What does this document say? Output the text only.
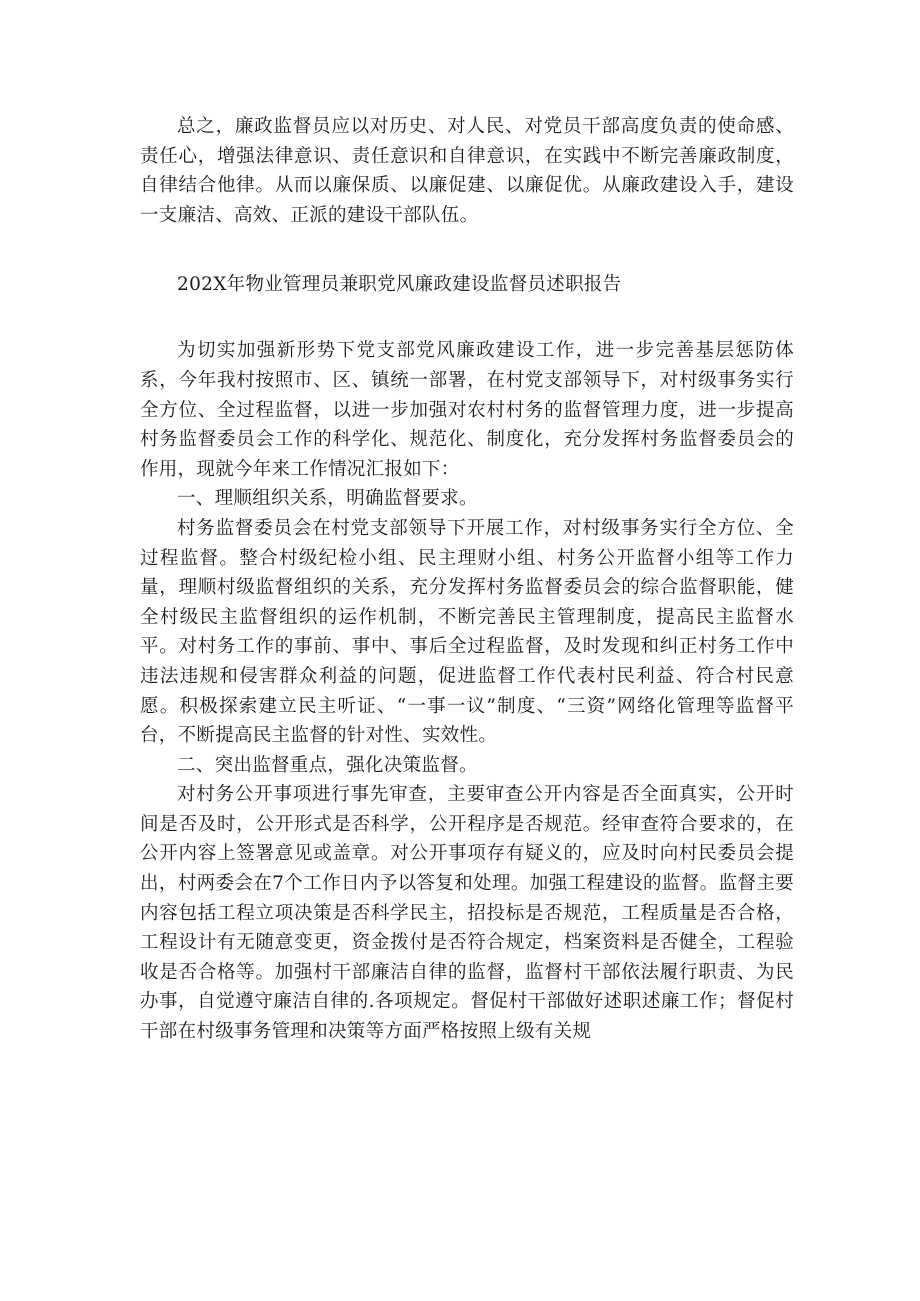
总之，廉政监督员应以对历史、对人民、对党员干部高度负责的使命感、责任心，增强法律意识、责任意识和自律意识，在实践中不断完善廉政制度，自律结合他律。从而以廉保质、以廉促建、以廉促优。从廉政建设入手，建设一支廉洁、高效、正派的建设干部队伍。

202X年物业管理员兼职党风廉政建设监督员述职报告

为切实加强新形势下党支部党风廉政建设工作，进一步完善基层惩防体系，今年我村按照市、区、镇统一部署，在村党支部领导下，对村级事务实行全方位、全过程监督，以进一步加强对农村村务的监督管理力度，进一步提高村务监督委员会工作的科学化、规范化、制度化，充分发挥村务监督委员会的作用，现就今年来工作情况汇报如下：

一、理顺组织关系，明确监督要求。

村务监督委员会在村党支部领导下开展工作，对村级事务实行全方位、全过程监督。整合村级纪检小组、民主理财小组、村务公开监督小组等工作力量，理顺村级监督组织的关系，充分发挥村务监督委员会的综合监督职能，健全村级民主监督组织的运作机制，不断完善民主管理制度，提高民主监督水平。对村务工作的事前、事中、事后全过程监督，及时发现和纠正村务工作中违法违规和侵害群众利益的问题，促进监督工作代表村民利益、符合村民意愿。积极探索建立民主听证、“一事一议”制度、“三资”网络化管理等监督平台，不断提高民主监督的针对性、实效性。

二、突出监督重点，强化决策监督。

对村务公开事项进行事先审查，主要审查公开内容是否全面真实，公开时间是否及时，公开形式是否科学，公开程序是否规范。经审查符合要求的，在公开内容上签署意见或盖章。对公开事项存有疑义的，应及时向村民委员会提出，村两委会在7个工作日内予以答复和处理。加强工程建设的监督。监督主要内容包括工程立项决策是否科学民主，招投标是否规范，工程质量是否合格，工程设计有无随意变更，资金拨付是否符合规定，档案资料是否健全，工程验收是否合格等。加强村干部廉洁自律的监督，监督村干部依法履行职责、为民办事，自觉遵守廉洁自律的.各项规定。督促村干部做好述职述廉工作；督促村干部在村级事务管理和决策等方面严格按照上级有关规
